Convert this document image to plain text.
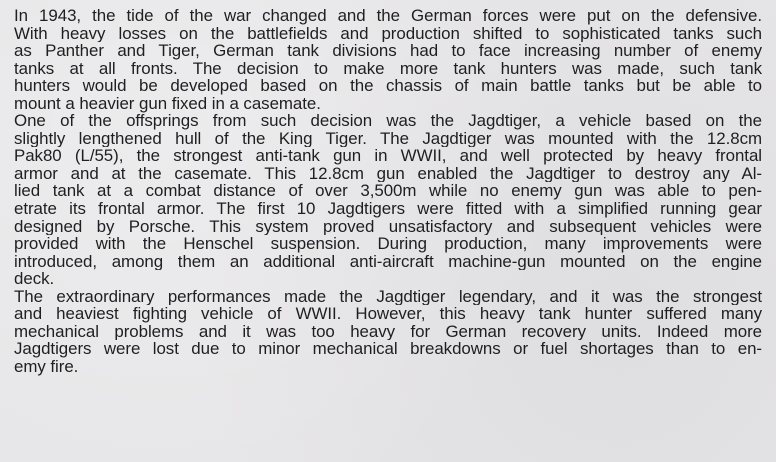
In 1943, the tide of the war changed and the German forces were put on the defensive.
With heavy losses on the battlefields and production shifted to sophisticated tanks such
as Panther and Tiger, German tank divisions had to face increasing number of enemy
tanks at all fronts. The decision to make more tank hunters was made, such tank
hunters would be developed based on the chassis of main battle tanks but be able to
mount a heavier gun fixed in a casemate.
One of the offsprings from such decision was the Jagdtiger, a vehicle based on the
slightly lengthened hull of the King Tiger. The Jagdtiger was mounted with the 12.8cm
Pak80 (L/55), the strongest anti-tank gun in WWII, and well protected by heavy frontal
armor and at the casemate. This 12.8cm gun enabled the Jagdtiger to destroy any Al-
lied tank at a combat distance of over 3,500m while no enemy gun was able to pen-
etrate its frontal armor. The first 10 Jagdtigers were fitted with a simplified running gear
designed by Porsche. This system proved unsatisfactory and subsequent vehicles were
provided with the Henschel suspension. During production, many improvements were
introduced, among them an additional anti-aircraft machine-gun mounted on the engine
deck.
The extraordinary performances made the Jagdtiger legendary, and it was the strongest
and heaviest fighting vehicle of WWII. However, this heavy tank hunter suffered many
mechanical problems and it was too heavy for German recovery units. Indeed more
Jagdtigers were lost due to minor mechanical breakdowns or fuel shortages than to en-
emy fire.
